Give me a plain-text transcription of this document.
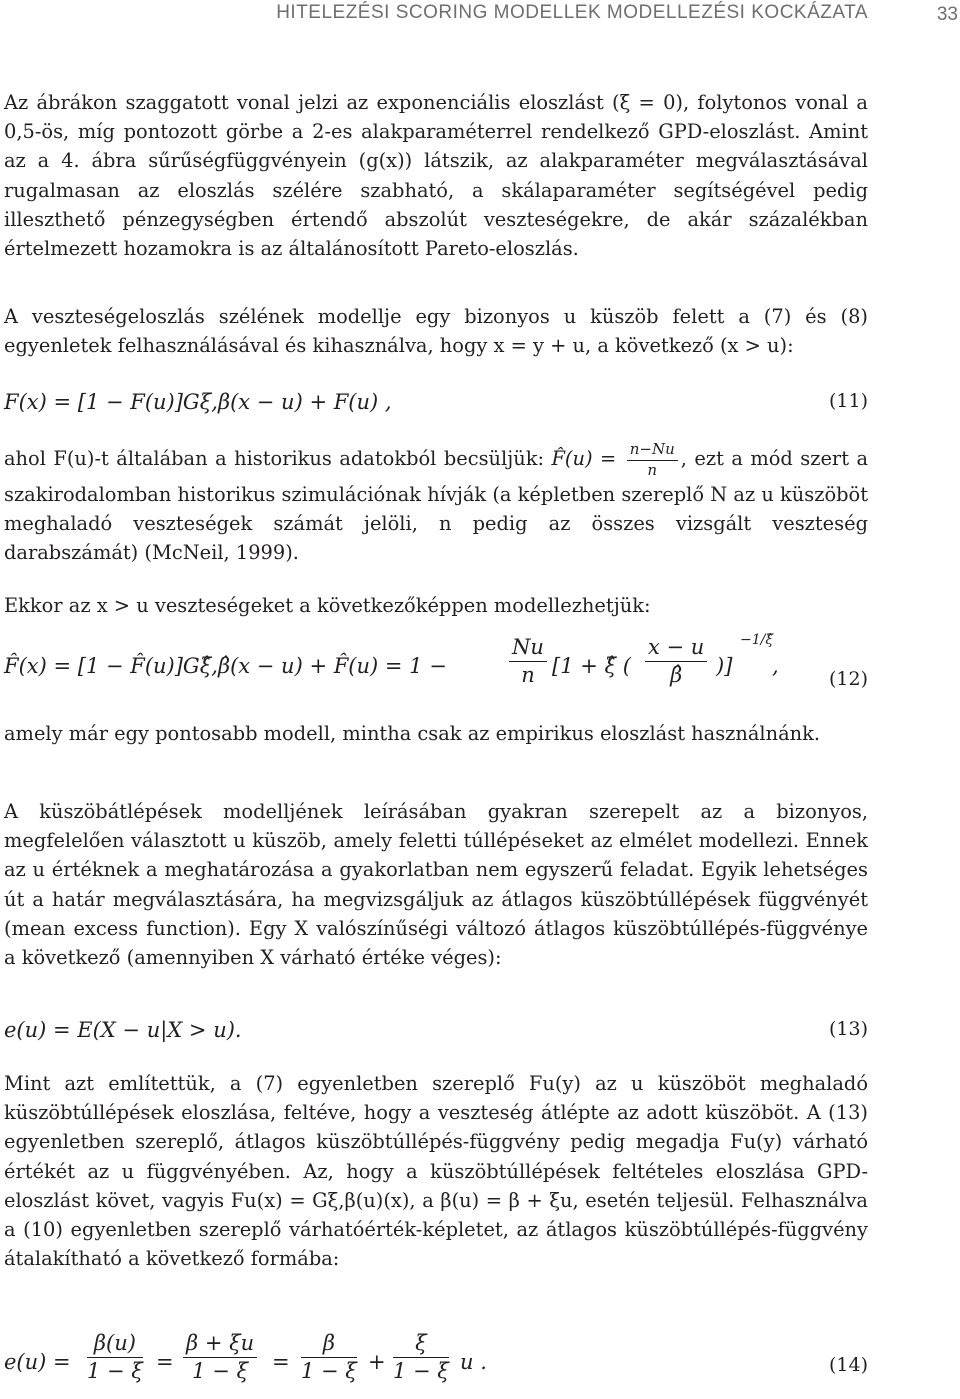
HITELEZÉSI SCORING MODELLEK MODELLEZÉSI KOCKÁZATA	33
Az ábrákon szaggatott vonal jelzi az exponenciális eloszlást (ξ = 0), folytonos vonal a 0,5-ös, míg pontozott görbe a 2-es alakparaméterrel rendelkező GPD-eloszlást. Amint az a 4. ábra sűrűségfüggvényein (g(x)) látszik, az alakparaméter megválasztásával rugalmasan az eloszlás szélére szabható, a skálaparaméter segítségével pedig illeszthető pénzegységben értendő abszolút veszteségekre, de akár százalékban értelmezett hozamokra is az általánosított Pareto-eloszlás.
A veszteségeloszlás szélének modellje egy bizonyos u küszöb felett a (7) és (8) egyenletek felhasználásával és kihasználva, hogy x = y + u, a következő (x > u):
F(x) = [1 − F(u)]Gξ,β(x − u) + F(u) ,	(11)
ahol F(u)-t általában a historikus adatokból becsüljük: F̂(u) = $\frac{n-Nu}{n}$ , ezt a mód szert a szakirodalomban historikus szimulációnak hívják (a képletben szereplő N az u küszöböt meghaladó veszteségek számát jelöli, n pedig az összes vizsgált veszteség darabszámát) (McNeil, 1999).
Ekkor az x > u veszteségeket a következőképpen modellezhetjük:
F̂(x) = [1 − F̂(u)]Gξ̂,β̂(x − u) + F̂(u) = 1 −	$\frac{Nu}{n} [1$ + ξ̂ ( $\frac{x - u}{\betâ}$ )]
−1/ξ̂
,
(12)
amely már egy pontosabb modell, mintha csak az empirikus eloszlást használnánk.
A küszöbátlépések modelljének leírásában gyakran szerepelt az a bizonyos, megfelelően választott u küszöb, amely feletti túllépéseket az elmélet modellezi. Ennek az u értéknek a meghatározása a gyakorlatban nem egyszerű feladat. Egyik lehetséges út a határ megválasztására, ha megvizsgáljuk az átlagos küszöbtúllépések függvényét (mean excess function). Egy X valószínűségi változó átlagos küszöbtúllépés-függvénye a következő (amennyiben X várható értéke véges):
e(u) = E(X − u|X > u).	(13)
Mint azt említettük, a (7) egyenletben szereplő Fu(y) az u küszöböt meghaladó küszöbtúllépések eloszlása, feltéve, hogy a veszteség átlépte az adott küszöböt. A (13) egyenletben szereplő, átlagos küszöbtúllépés-függvény pedig megadja Fu(y) várható értékét az u függvényében. Az, hogy a küszöbtúllépések feltételes eloszlása GPD-eloszlást követ, vagyis Fu(x) = Gξ,β(u)(x), a β(u) = β + ξu, esetén teljesül. Felhasználva a (10) egyenletben szereplő várhatóérték-képletet, az átlagos küszöbtúllépés-függvény átalakítható a következő formába:
$e(u) = \frac{\beta(u)}{1 - \xi} = \frac{\beta + \xi u}{1 - \xi} = \frac{\beta}{1 - \xi} + \frac{\xi}{1 - \xi}$ u .	(14)
